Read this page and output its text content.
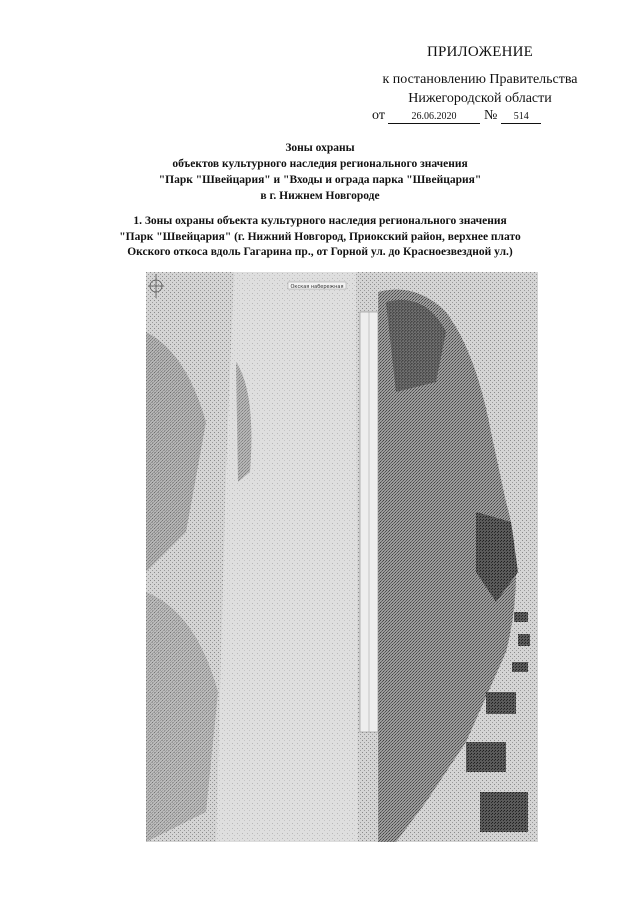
ПРИЛОЖЕНИЕ
к постановлению Правительства
Нижегородской области
от	26.06.2020 № 514
Зоны охраны
объектов культурного наследия регионального значения
"Парк "Швейцария" и "Входы и ограда парка "Швейцария"
в г. Нижнем Новгороде
1. Зоны охраны объекта культурного наследия регионального значения
"Парк "Швейцария" (г. Нижний Новгород, Приокский район, верхнее плато
Окского откоса вдоль Гагарина пр., от Горной ул. до Красноезвездной ул.)
Окская набережная
